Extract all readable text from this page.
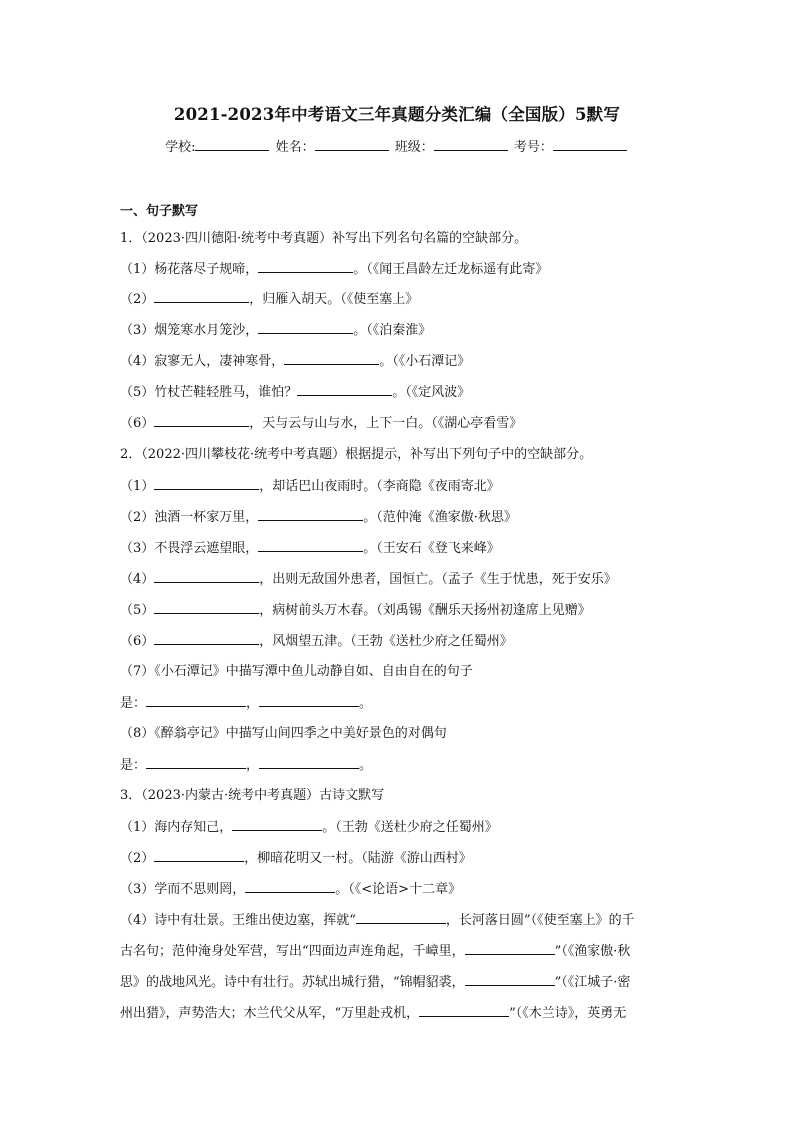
2021-2023年中考语文三年真题分类汇编（全国版）5默写
学校:	姓名：	班级：	考号：
一、句子默写
1．（2023·四川德阳·统考中考真题）补写出下列名句名篇的空缺部分。
（1）杨花落尽子规啼，	。（《闻王昌龄左迁龙标遥有此寄》
（2）	，归雁入胡天。（《使至塞上》
（3）烟笼寒水月笼沙，	。（《泊秦淮》
（4）寂寥无人，凄神寒骨，	。（《小石潭记》
（5）竹杖芒鞋轻胜马，谁怕？	。（《定风波》
（6）	，天与云与山与水，上下一白。（《湖心亭看雪》
2．（2022·四川攀枝花·统考中考真题）根据提示，补写出下列句子中的空缺部分。
（1）	，却话巴山夜雨时。（李商隐《夜雨寄北》
（2）浊酒一杯家万里，	。（范仲淹《渔家傲·秋思》
（3）不畏浮云遮望眼，	。（王安石《登飞来峰》
（4）	，出则无敌国外患者，国恒亡。（孟子《生于忧患，死于安乐》
（5）	，病树前头万木春。（刘禹锡《酬乐天扬州初逢席上见赠》
（6）	，风烟望五津。（王勃《送杜少府之任蜀州》
（7）《小石潭记》中描写潭中鱼儿动静自如、自由自在的句子
是：	，	。
（8）《醉翁亭记》中描写山间四季之中美好景色的对偶句
是：	，	。
3．（2023·内蒙古·统考中考真题）古诗文默写
（1）海内存知己，	。（王勃《送杜少府之任蜀州》
（2）	，柳暗花明又一村。（陆游《游山西村》
（3）学而不思则罔，	。（《<论语>十二章》
（4）诗中有壮景。王维出使边塞，挥就“	，长河落日圆”（《使至塞上》的千
古名句；范仲淹身处军营，写出“四面边声连角起，千嶂里，	”（《渔家傲·秋
思》的战地风光。诗中有壮行。苏轼出城行猎，“锦帽貂裘，	”（《江城子·密
州出猎》，声势浩大；木兰代父从军，“万里赴戎机，	”（《木兰诗》，英勇无
